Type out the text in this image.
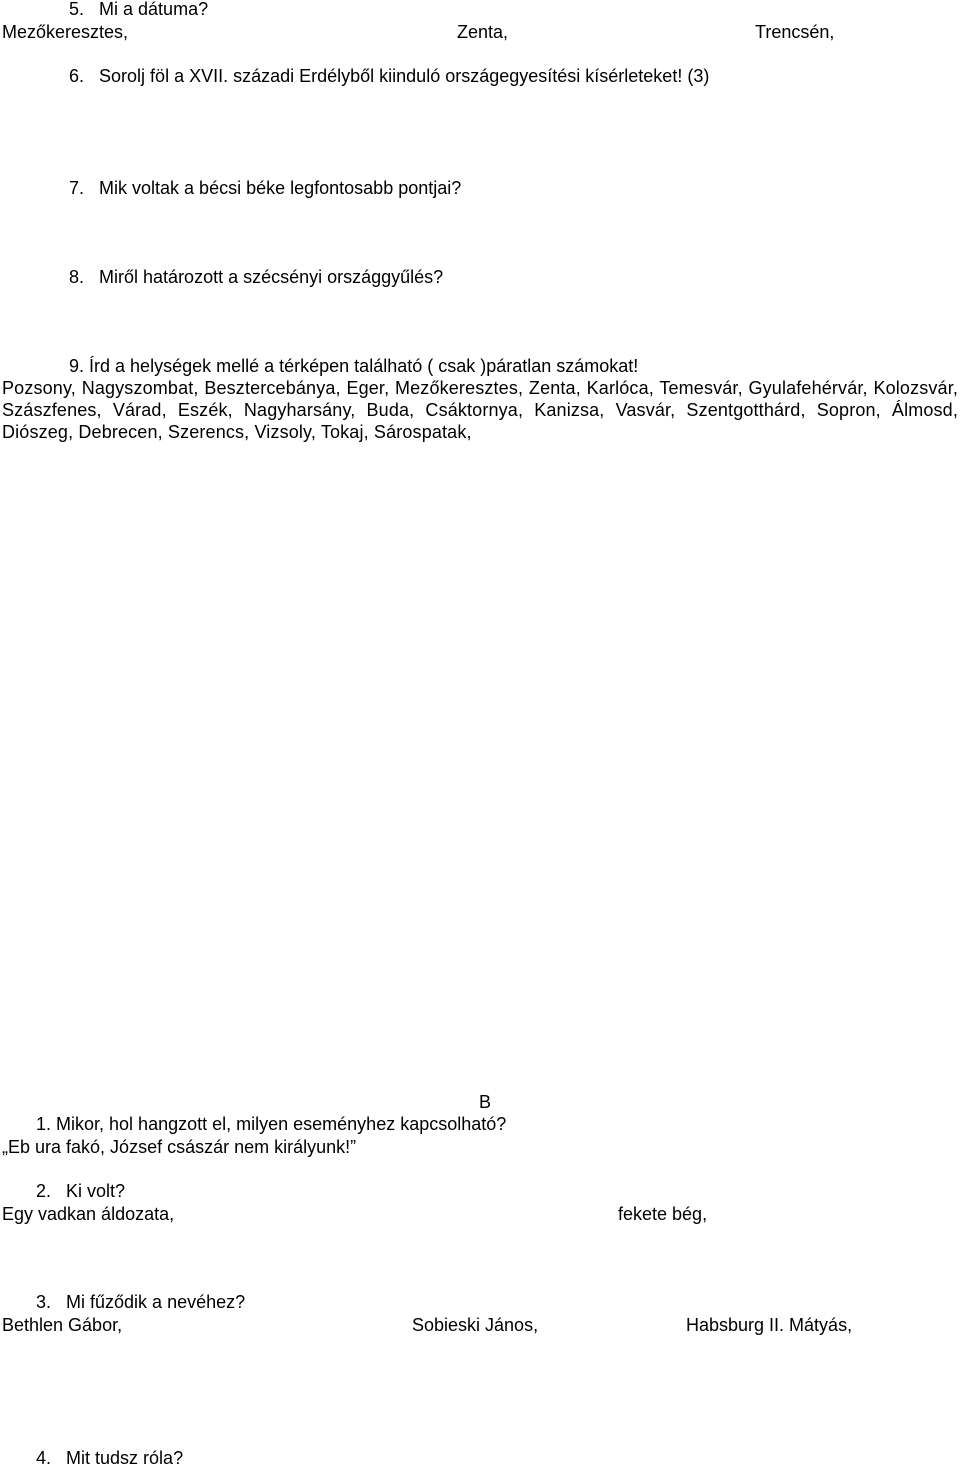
5. Mi a dátuma?
Mezőkeresztes,	Zenta,	Trencsén,
6. Sorolj föl a XVII. századi Erdélyből kiinduló országegyesítési kísérleteket! (3)
7. Mik voltak a bécsi béke legfontosabb pontjai?
8. Miről határozott a szécsényi országgyűlés?
9. Írd a helységek mellé a térképen található ( csak )páratlan számokat!
Pozsony, Nagyszombat, Besztercebánya, Eger, Mezőkeresztes, Zenta, Karlóca, Temesvár, Gyulafehérvár, Kolozsvár, Szászfenes, Várad, Eszék, Nagyharsány, Buda, Csáktornya, Kanizsa, Vasvár, Szentgotthárd, Sopron, Álmosd, Diószeg, Debrecen, Szerencs, Vizsoly, Tokaj, Sárospatak,
B
1. Mikor, hol hangzott el, milyen eseményhez kapcsolható?
„Eb ura fakó, József császár nem királyunk!”
2. Ki volt?
Egy vadkan áldozata,	fekete bég,
3. Mi fűződik a nevéhez?
Bethlen Gábor,	Sobieski János,	Habsburg II. Mátyás,
4. Mit tudsz róla?
